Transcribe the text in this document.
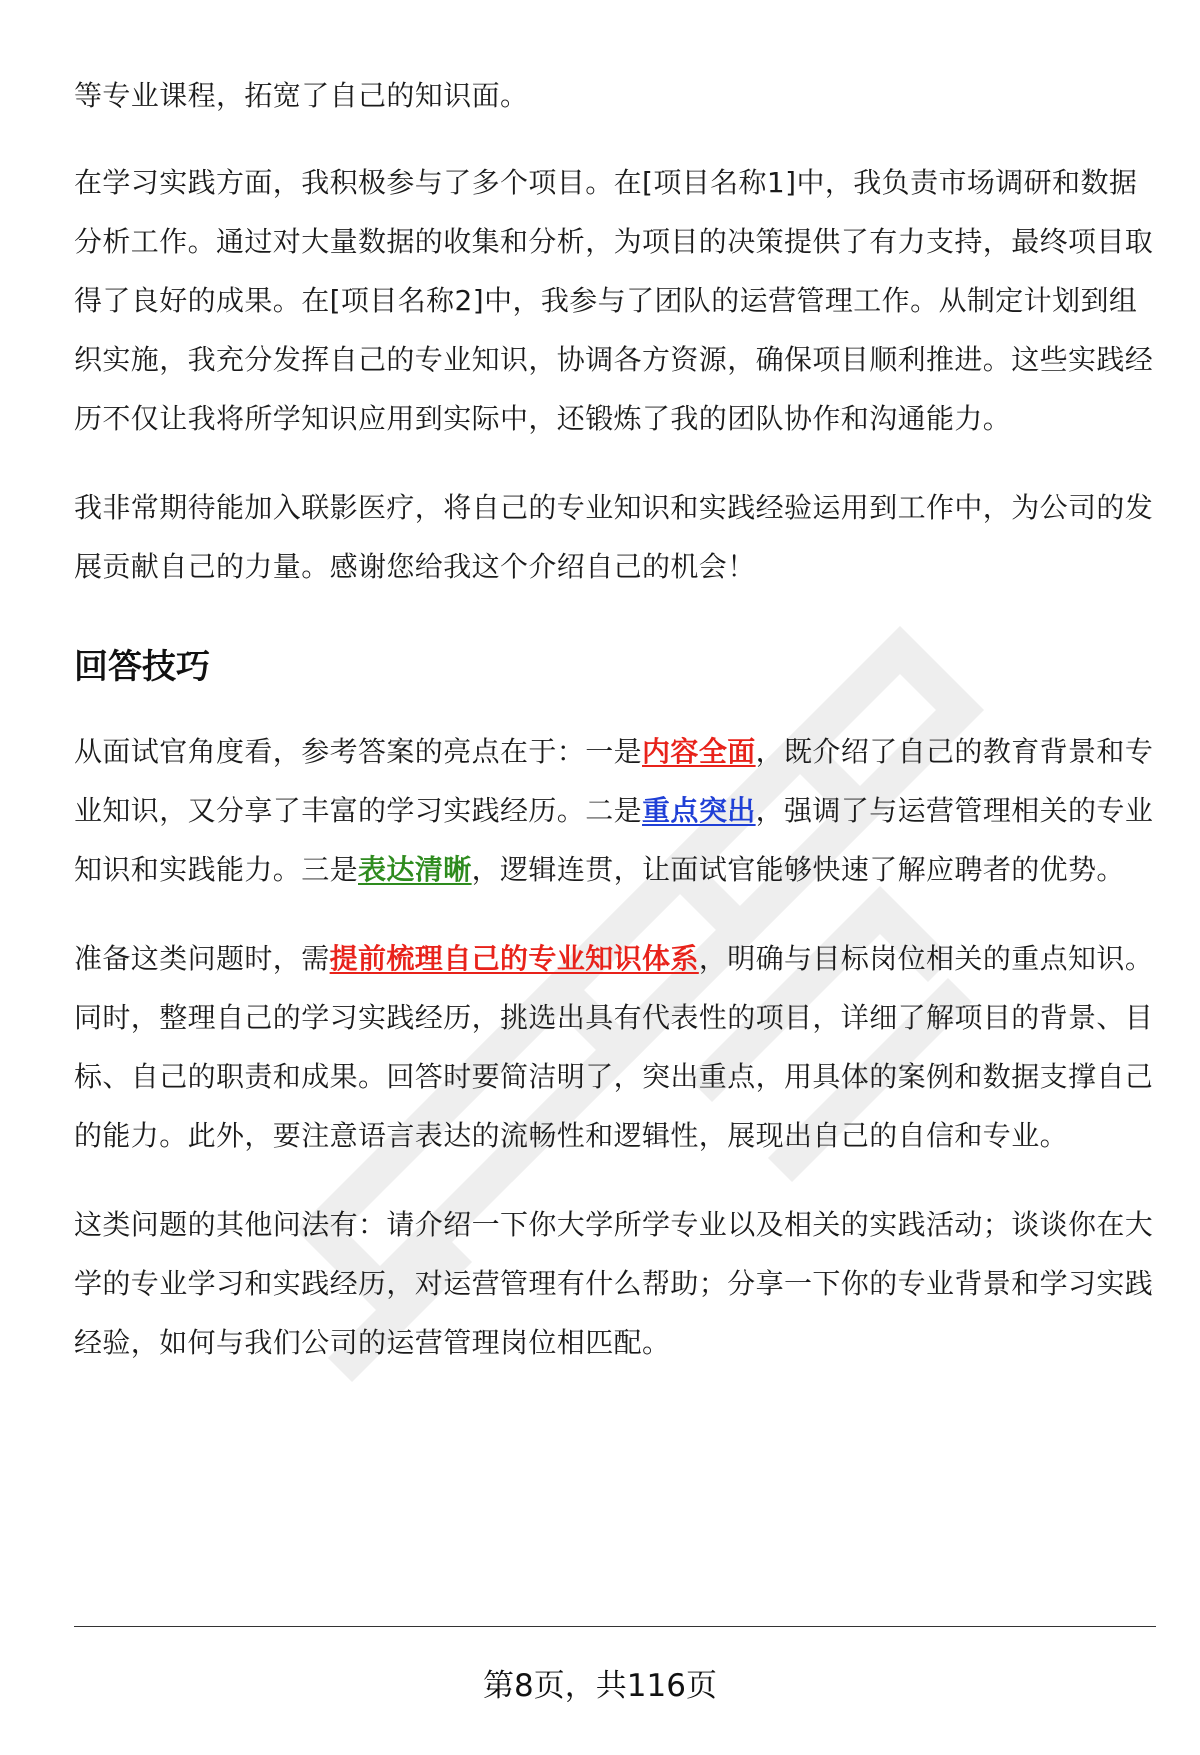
等专业课程，拓宽了自己的知识面。

在学习实践方面，我积极参与了多个项目。在[项目名称1]中，我负责市场调研和数据分析工作。通过对大量数据的收集和分析，为项目的决策提供了有力支持，最终项目取得了良好的成果。在[项目名称2]中，我参与了团队的运营管理工作。从制定计划到组织实施，我充分发挥自己的专业知识，协调各方资源，确保项目顺利推进。这些实践经历不仅让我将所学知识应用到实际中，还锻炼了我的团队协作和沟通能力。

我非常期待能加入联影医疗，将自己的专业知识和实践经验运用到工作中，为公司的发展贡献自己的力量。感谢您给我这个介绍自己的机会！

回答技巧

从面试官角度看，参考答案的亮点在于：一是内容全面，既介绍了自己的教育背景和专业知识，又分享了丰富的学习实践经历。二是重点突出，强调了与运营管理相关的专业知识和实践能力。三是表达清晰，逻辑连贯，让面试官能够快速了解应聘者的优势。

准备这类问题时，需提前梳理自己的专业知识体系，明确与目标岗位相关的重点知识。同时，整理自己的学习实践经历，挑选出具有代表性的项目，详细了解项目的背景、目标、自己的职责和成果。回答时要简洁明了，突出重点，用具体的案例和数据支撑自己的能力。此外，要注意语言表达的流畅性和逻辑性，展现出自己的自信和专业。

这类问题的其他问法有：请介绍一下你大学所学专业以及相关的实践活动；谈谈你在大学的专业学习和实践经历，对运营管理有什么帮助；分享一下你的专业背景和学习实践经验，如何与我们公司的运营管理岗位相匹配。

第8页，共116页
